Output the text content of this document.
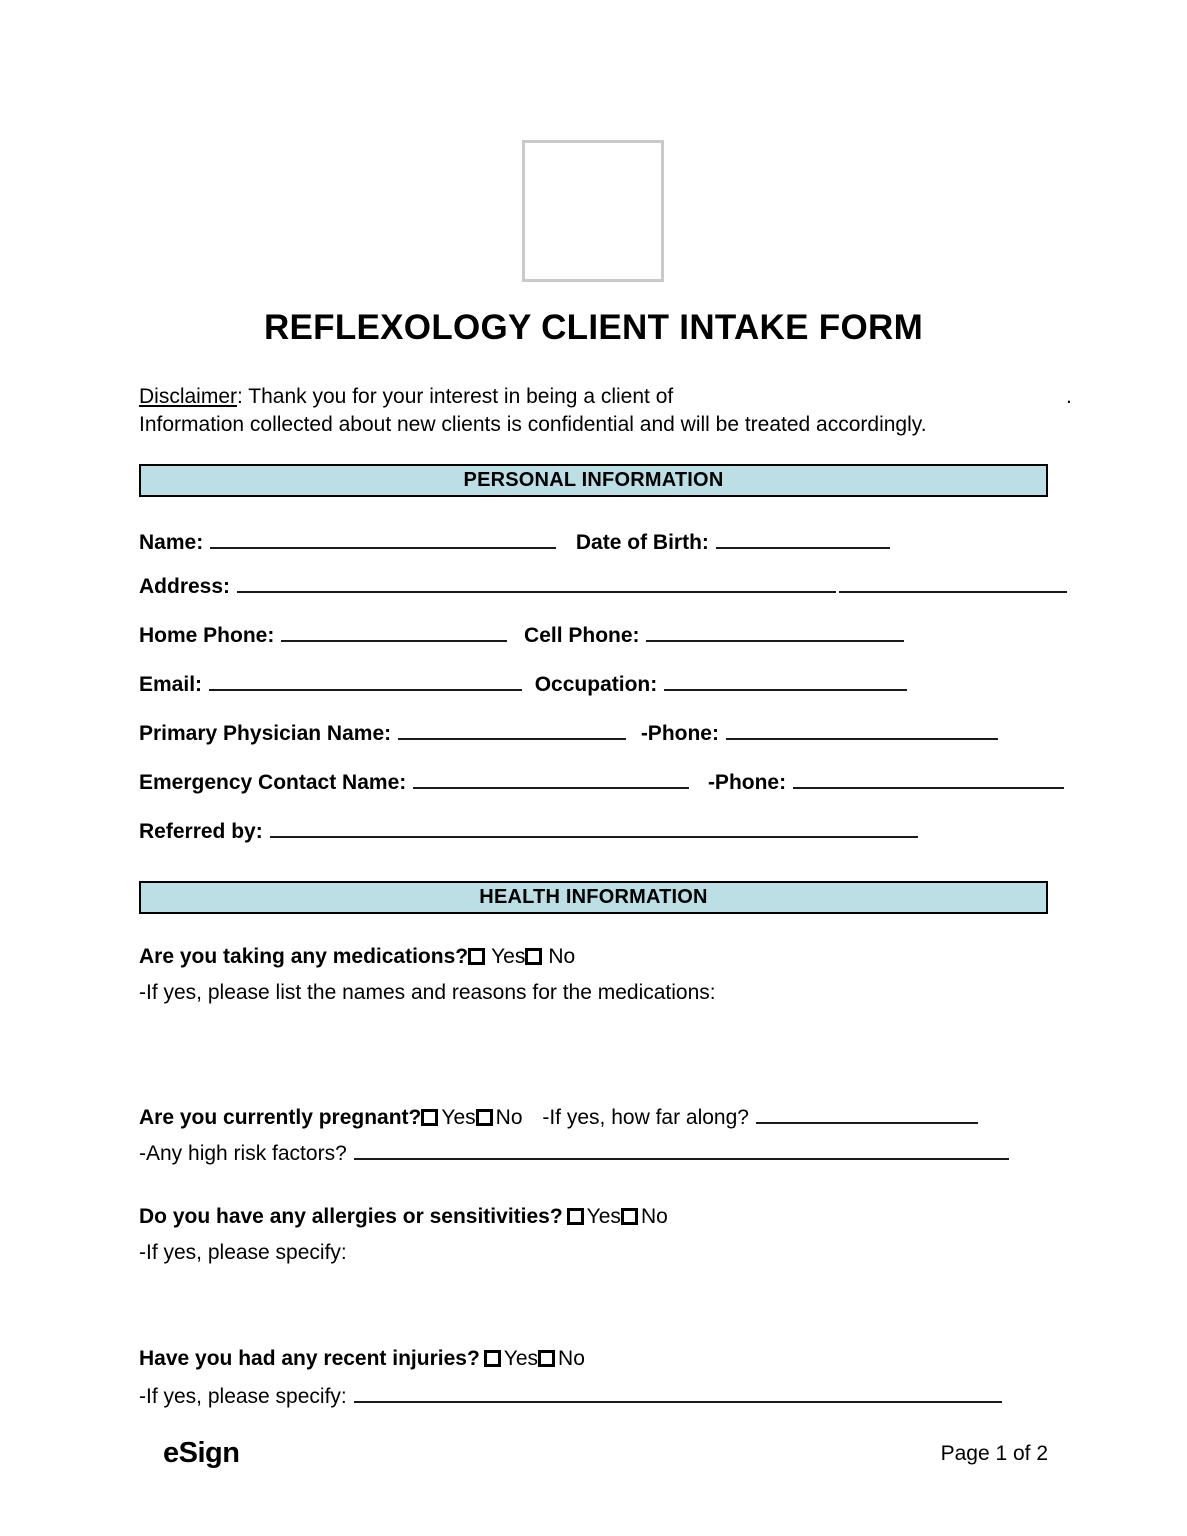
REFLEXOLOGY CLIENT INTAKE FORM
Disclaimer: Thank you for your interest in being a client of
Information collected about new clients is confidential and will be treated accordingly.
.
PERSONAL INFORMATION
Name:	Date of Birth:
Address:
Home Phone:	Cell Phone:
Email:	Occupation:
Primary Physician Name:	-Phone:
Emergency Contact Name:	-Phone:
Referred by:
HEALTH INFORMATION
Are you taking any medications? Yes No
-If yes, please list the names and reasons for the medications:
Are you currently pregnant? Yes No -If yes, how far along?
-Any high risk factors?
Do you have any allergies or sensitivities? Yes No
-If yes, please specify:
Have you had any recent injuries? Yes No
-If yes, please specify:
eSign	Page 1 of 2
